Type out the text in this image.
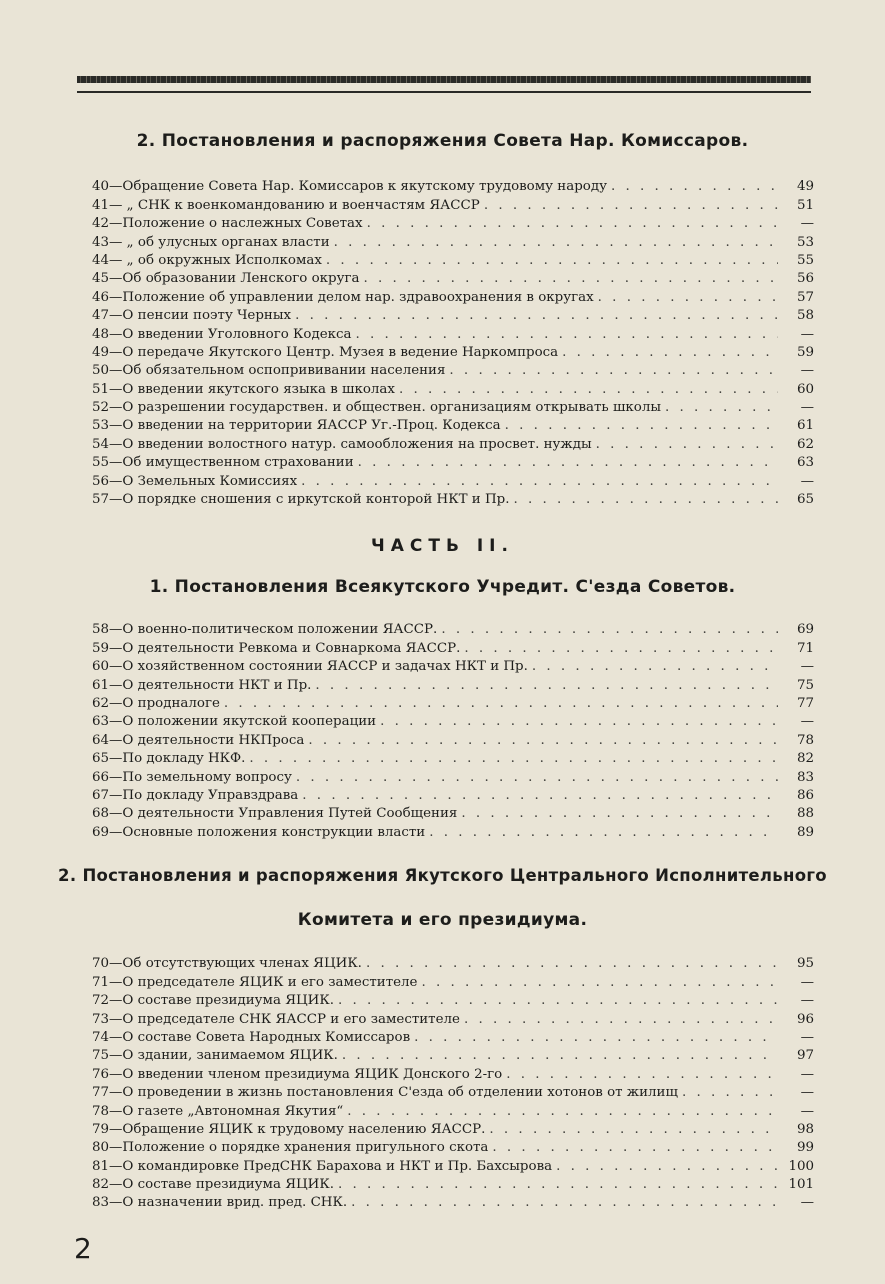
2. Постановления и распоряжения Совета Нар. Комиссаров.
40—Обращение Совета Нар. Комиссаров к якутскому трудовому народу . . .	49
41— „ СНК к военкомандованию и военчастям ЯАССР . . .	51
42—Положение о наслежных Советах . . .	—
43— „ об улусных органах власти . . .	53
44— „ об окружных Исполкомах . . .	55
45—Об образовании Ленского округа . . .	56
46—Положение об управлении делом нар. здравоохранения в округах . . .	57
47—О пенсии поэту Черных . . .	58
48—О введении Уголовного Кодекса . . .	—
49—О передаче Якутского Центр. Музея в ведение Наркомпроса . . .	59
50—Об обязательном оспопрививании населения . . .	—
51—О введении якутского языка в школах . . .	60
52—О разрешении государствен. и обществен. организациям открывать школы . . .	—
53—О введении на территории ЯАССР Уг.-Проц. Кодекса . . .	61
54—О введении волостного натур. самообложения на просвет. нужды . . .	62
55—Об имущественном страховании . . .	63
56—О Земельных Комиссиях . . .	—
57—О порядке сношения с иркутской конторой НКТ и Пр. . . .	65
ЧАСТЬ II.
1. Постановления Всеякутского Учредит. С'езда Советов.
58—О военно-политическом положении ЯАССР. . . .	69
59—О деятельности Ревкома и Совнаркома ЯАССР. . . .	71
60—О хозяйственном состоянии ЯАССР и задачах НКТ и Пр. . . .	—
61—О деятельности НКТ и Пр. . . .	75
62—О продналоге . . .	77
63—О положении якутской кооперации . . .	—
64—О деятельности НКПроса . . .	78
65—По докладу НКФ. . . .	82
66—По земельному вопросу . . .	83
67—По докладу Управздрава . . .	86
68—О деятельности Управления Путей Сообщения . . .	88
69—Основные положения конструкции власти . . .	89
2. Постановления и распоряжения Якутского Центрального Исполнительного
Комитета и его президиума.
70—Об отсутствующих членах ЯЦИК. . . .	95
71—О председателе ЯЦИК и его заместителе . . .	—
72—О составе президиума ЯЦИК. . . .	—
73—О председателе СНК ЯАССР и его заместителе . . .	96
74—О составе Совета Народных Комиссаров . . .	—
75—О здании, занимаемом ЯЦИК. . . .	97
76—О введении членом президиума ЯЦИК Донского 2-го . . .	—
77—О проведении в жизнь постановления С'езда об отделении хотонов от жилищ . . .	—
78—О газете „Автономная Якутия“ . . .	—
79—Обращение ЯЦИК к трудовому населению ЯАССР. . . .	98
80—Положение о порядке хранения пригульного скота . . .	99
81—О командировке ПредСНК Барахова и НКТ и Пр. Бахсырова . . .	100
82—О составе президиума ЯЦИК. . . .	101
83—О назначении врид. пред. СНК. . . .	—
2
